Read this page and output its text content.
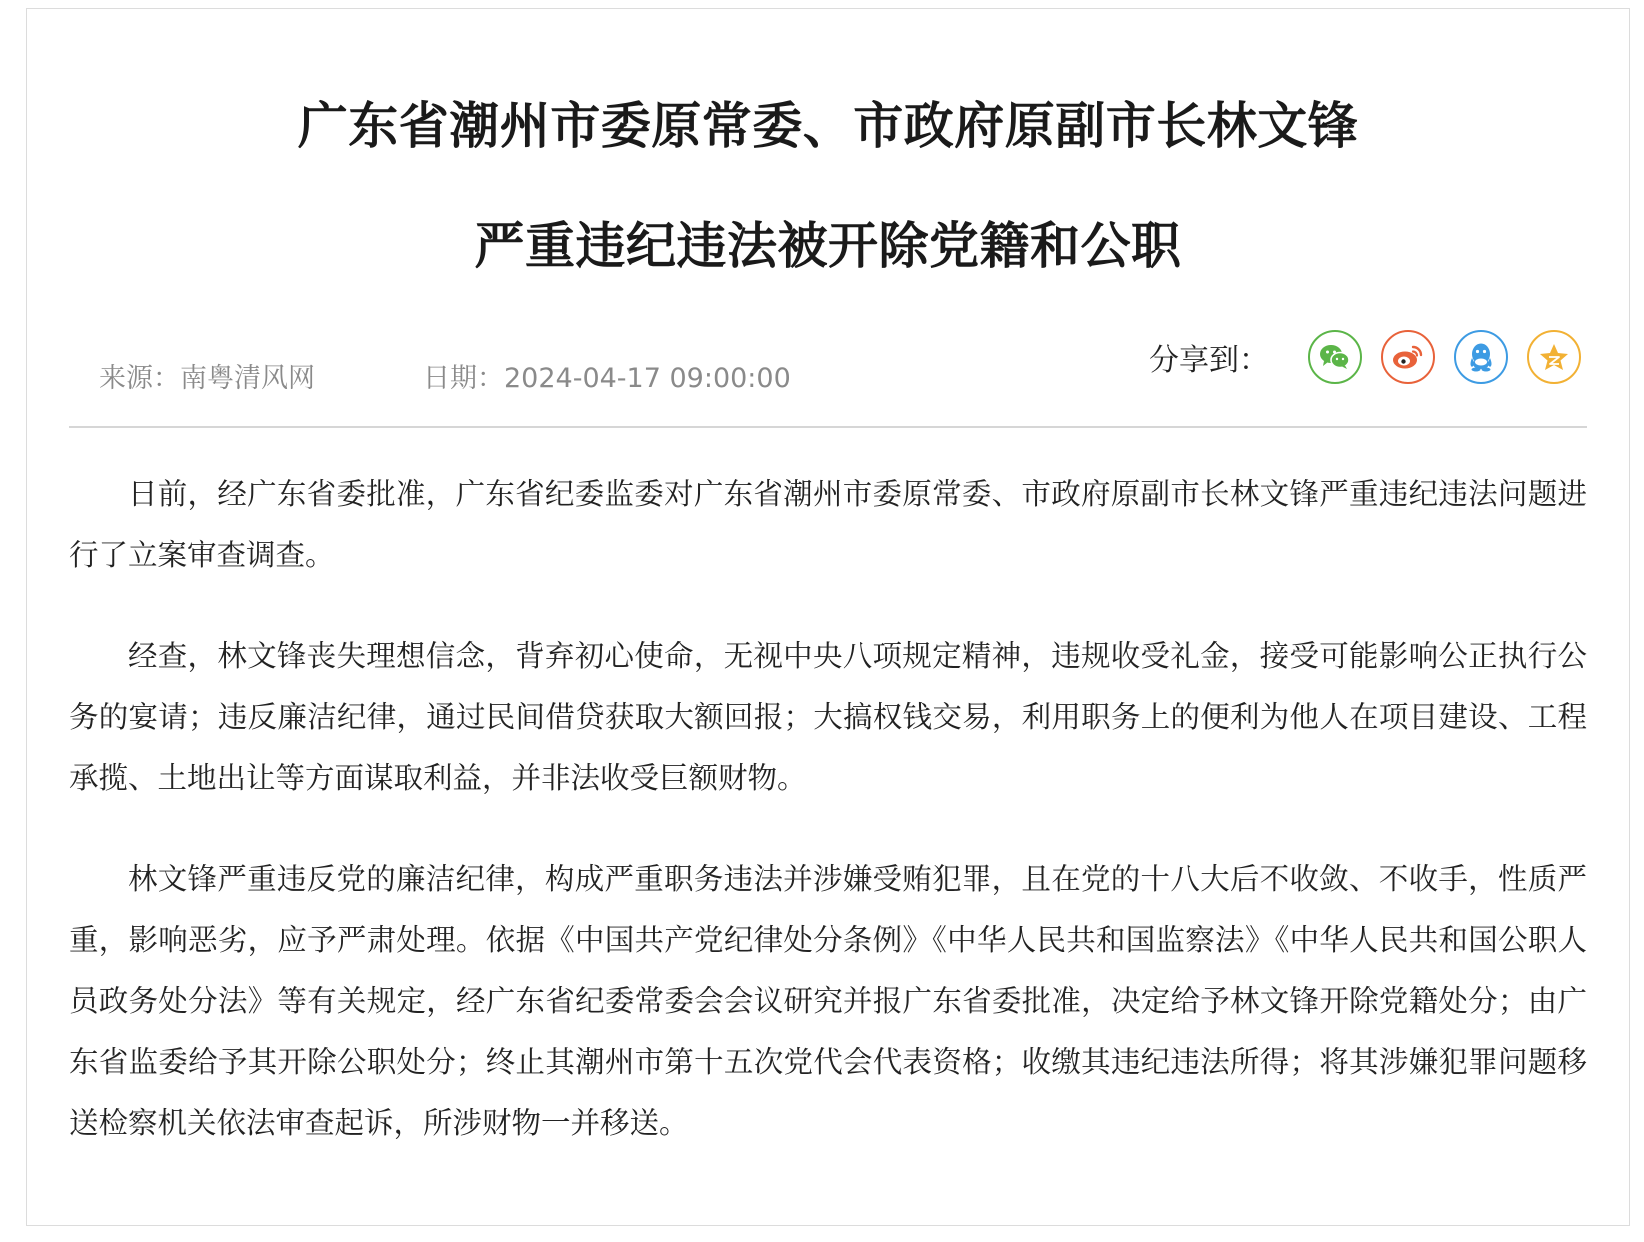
广东省潮州市委原常委、市政府原副市长林文锋
严重违纪违法被开除党籍和公职
来源：南粤清风网	日期：2024-04-17 09:00:00
分享到：

日前，经广东省委批准，广东省纪委监委对广东省潮州市委原常委、市政府原副市长林文锋严重违纪违法问题进行了立案审查调查。

经查，林文锋丧失理想信念，背弃初心使命，无视中央八项规定精神，违规收受礼金，接受可能影响公正执行公务的宴请；违反廉洁纪律，通过民间借贷获取大额回报；大搞权钱交易，利用职务上的便利为他人在项目建设、工程承揽、土地出让等方面谋取利益，并非法收受巨额财物。

林文锋严重违反党的廉洁纪律，构成严重职务违法并涉嫌受贿犯罪，且在党的十八大后不收敛、不收手，性质严重，影响恶劣，应予严肃处理。依据《中国共产党纪律处分条例》《中华人民共和国监察法》《中华人民共和国公职人员政务处分法》等有关规定，经广东省纪委常委会会议研究并报广东省委批准，决定给予林文锋开除党籍处分；由广东省监委给予其开除公职处分；终止其潮州市第十五次党代会代表资格；收缴其违纪违法所得；将其涉嫌犯罪问题移送检察机关依法审查起诉，所涉财物一并移送。
